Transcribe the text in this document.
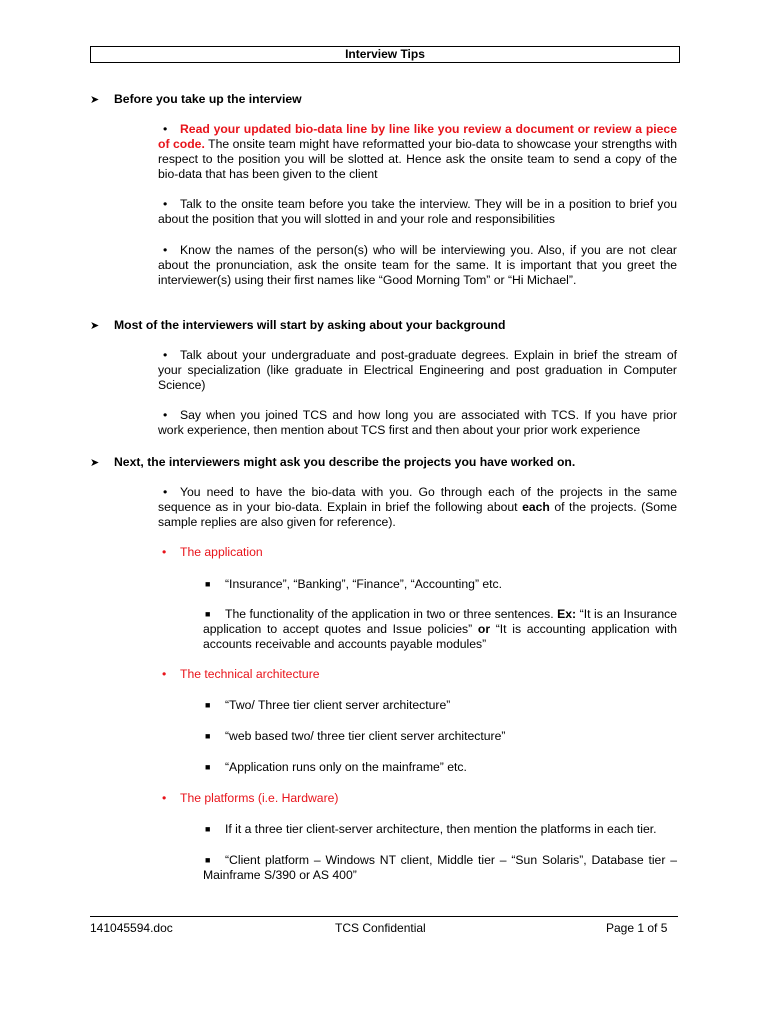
Interview Tips
➤ Before you take up the interview
• Read your updated bio-data line by line like you review a document or review a piece of code. The onsite team might have reformatted your bio-data to showcase your strengths with respect to the position you will be slotted at. Hence ask the onsite team to send a copy of the bio-data that has been given to the client
• Talk to the onsite team before you take the interview. They will be in a position to brief you about the position that you will slotted in and your role and responsibilities
• Know the names of the person(s) who will be interviewing you. Also, if you are not clear about the pronunciation, ask the onsite team for the same. It is important that you greet the interviewer(s) using their first names like “Good Morning Tom” or “Hi Michael”.
➤ Most of the interviewers will start by asking about your background
• Talk about your undergraduate and post-graduate degrees. Explain in brief the stream of your specialization (like graduate in Electrical Engineering and post graduation in Computer Science)
• Say when you joined TCS and how long you are associated with TCS. If you have prior work experience, then mention about TCS first and then about your prior work experience
➤ Next, the interviewers might ask you describe the projects you have worked on.
• You need to have the bio-data with you. Go through each of the projects in the same sequence as in your bio-data. Explain in brief the following about each of the projects. (Some sample replies are also given for reference).
• The application
■ “Insurance”, “Banking”, “Finance”, “Accounting” etc.
■ The functionality of the application in two or three sentences. Ex: “It is an Insurance application to accept quotes and Issue policies” or “It is accounting application with accounts receivable and accounts payable modules”
• The technical architecture
■ “Two/ Three tier client server architecture”
■ “web based two/ three tier client server architecture”
■ “Application runs only on the mainframe” etc.
• The platforms (i.e. Hardware)
■ If it a three tier client-server architecture, then mention the platforms in each tier.
■ “Client platform – Windows NT client, Middle tier – “Sun Solaris”, Database tier – Mainframe S/390 or AS 400”
141045594.doc	TCS Confidential	Page 1 of 5
